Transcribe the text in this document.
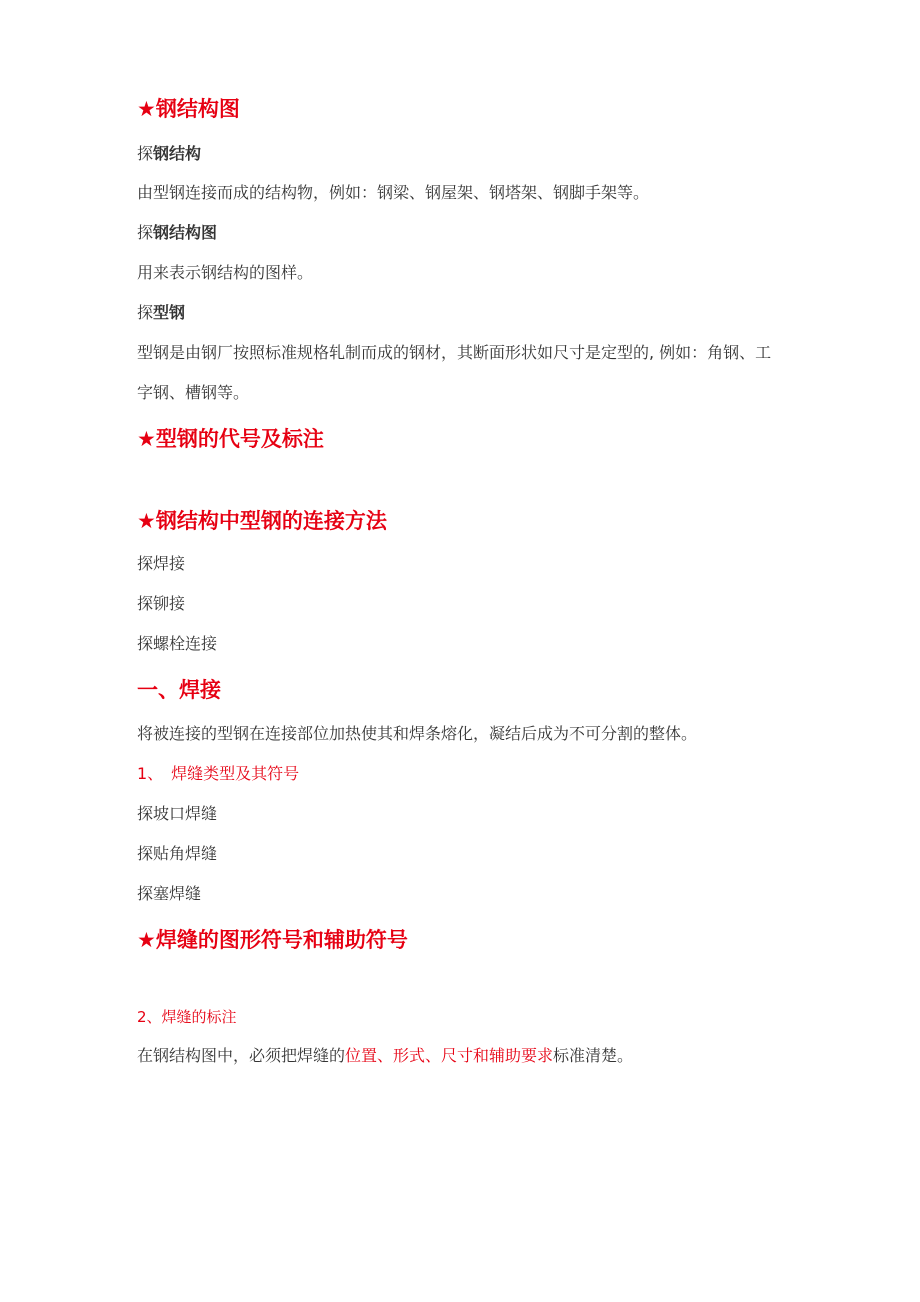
★钢结构图
探钢结构
由型钢连接而成的结构物，例如：钢梁、钢屋架、钢塔架、钢脚手架等。
探钢结构图
用来表示钢结构的图样。
探型钢
型钢是由钢厂按照标准规格轧制而成的钢材，其断面形状如尺寸是定型的, 例如：角钢、工字钢、槽钢等。
★型钢的代号及标注
★钢结构中型钢的连接方法
探焊接
探铆接
探螺栓连接
一、焊接
将被连接的型钢在连接部位加热使其和焊条熔化，凝结后成为不可分割的整体。
1、　焊缝类型及其符号
探坡口焊缝
探贴角焊缝
探塞焊缝
★焊缝的图形符号和辅助符号
2、焊缝的标注
在钢结构图中，必须把焊缝的位置、形式、尺寸和辅助要求标准清楚。
